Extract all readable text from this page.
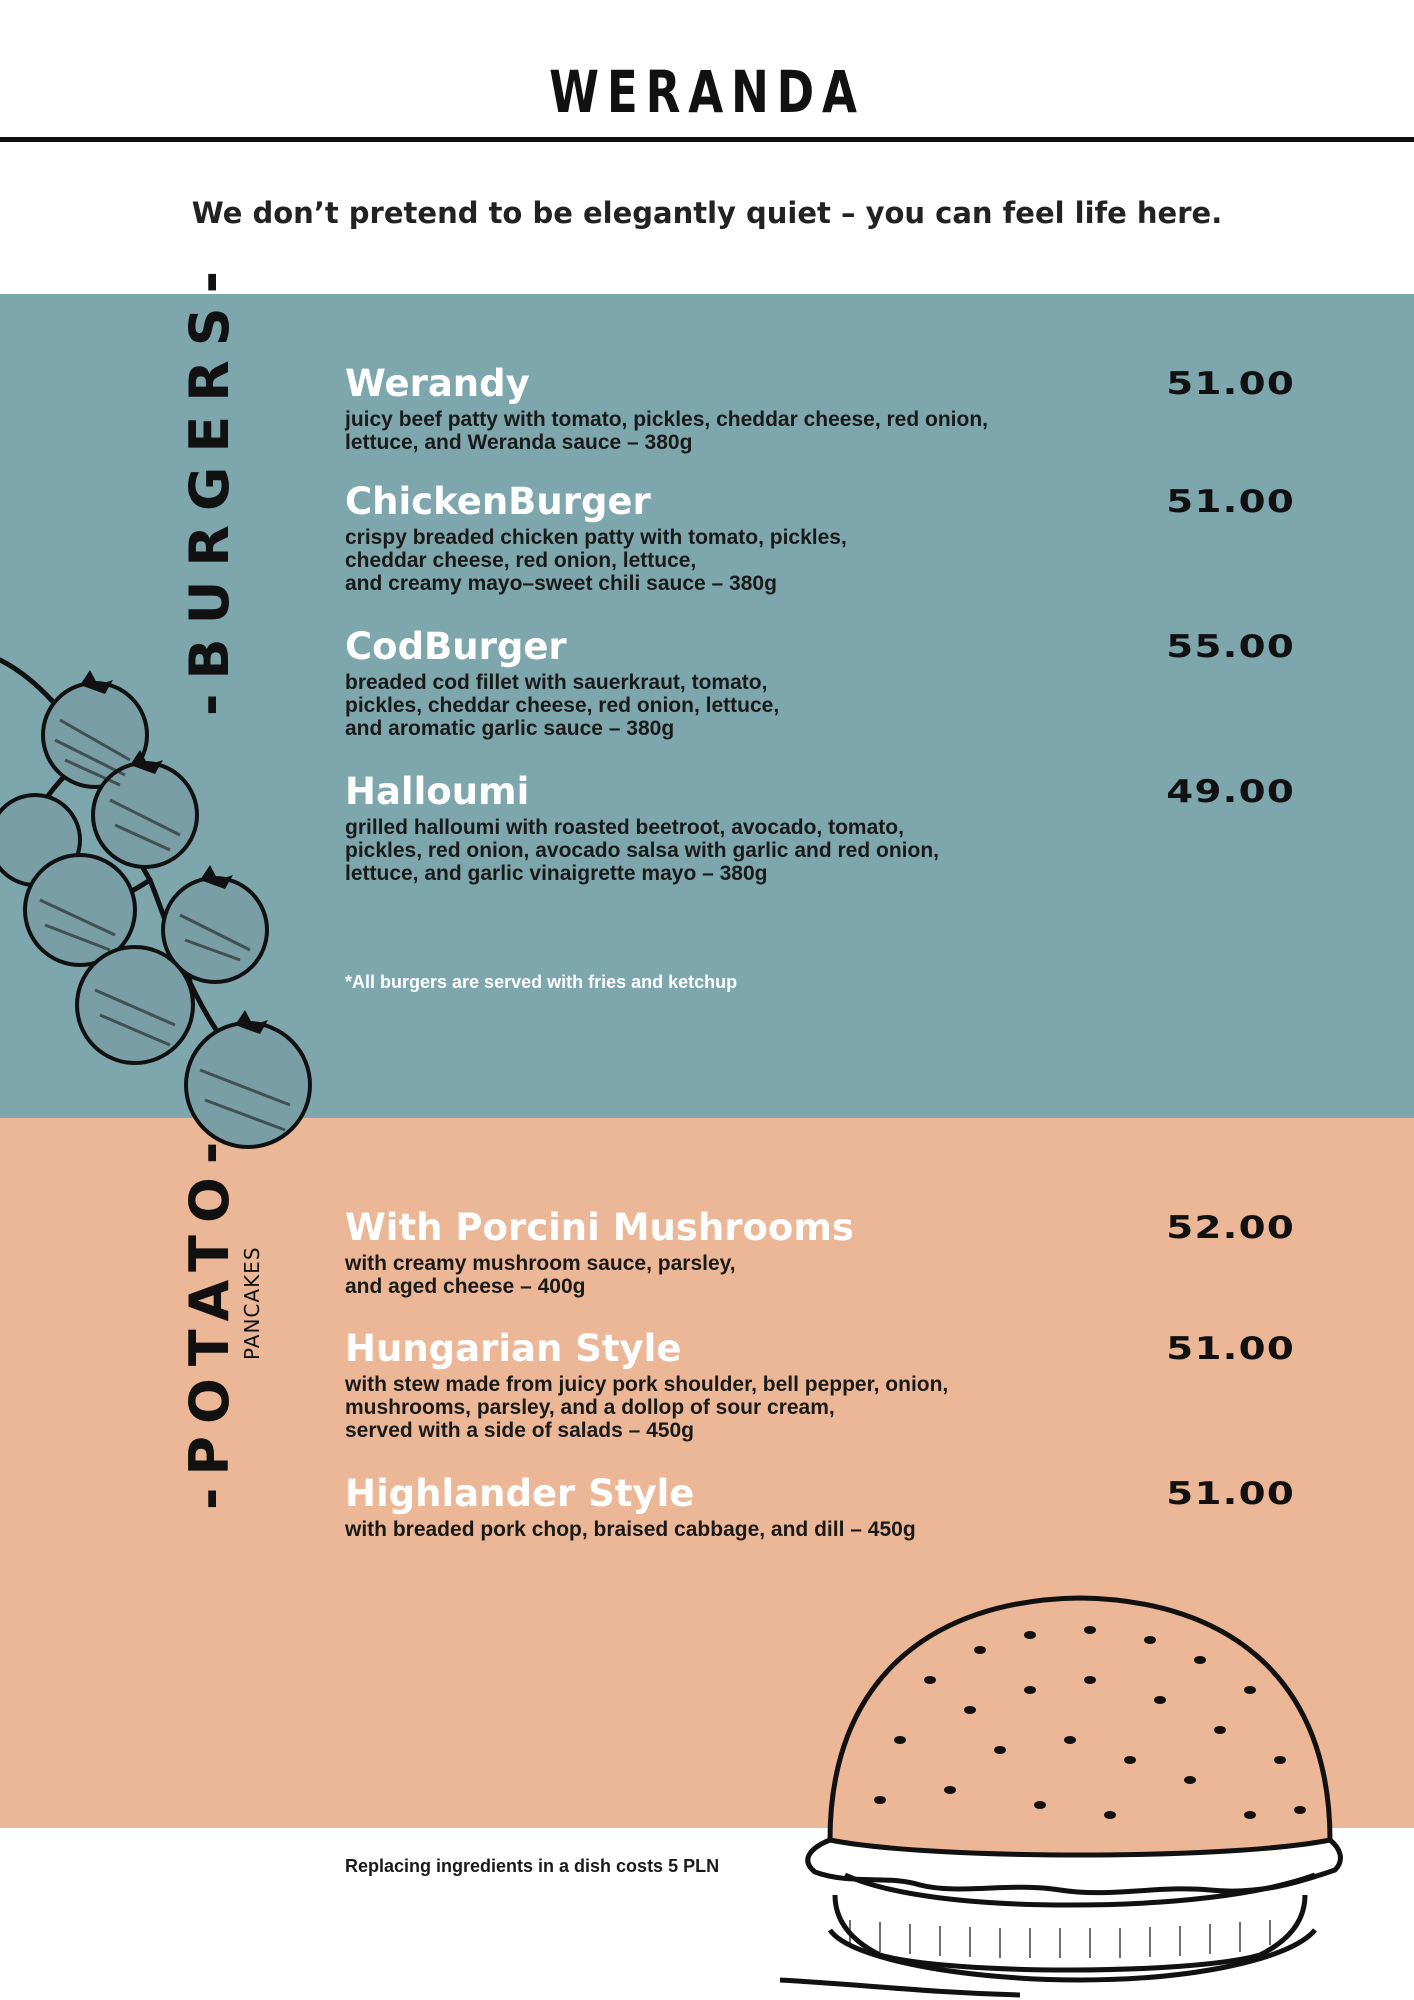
WERANDA
We don’t pretend to be elegantly quiet – you can feel life here.
-BURGERS-
-POTATO- PANCAKES
Werandy
juicy beef patty with tomato, pickles, cheddar cheese, red onion,
lettuce, and Weranda sauce – 380g
51.00
ChickenBurger
crispy breaded chicken patty with tomato, pickles,
cheddar cheese, red onion, lettuce,
and creamy mayo–sweet chili sauce – 380g
51.00
CodBurger
breaded cod fillet with sauerkraut, tomato,
pickles, cheddar cheese, red onion, lettuce,
and aromatic garlic sauce – 380g
55.00
Halloumi
grilled halloumi with roasted beetroot, avocado, tomato,
pickles, red onion, avocado salsa with garlic and red onion,
lettuce, and garlic vinaigrette mayo – 380g
49.00
*All burgers are served with fries and ketchup
With Porcini Mushrooms
with creamy mushroom sauce, parsley,
and aged cheese – 400g
52.00
Hungarian Style
with stew made from juicy pork shoulder, bell pepper, onion,
mushrooms, parsley, and a dollop of sour cream,
served with a side of salads – 450g
51.00
Highlander Style
with breaded pork chop, braised cabbage, and dill – 450g
51.00
Replacing ingredients in a dish costs 5 PLN
